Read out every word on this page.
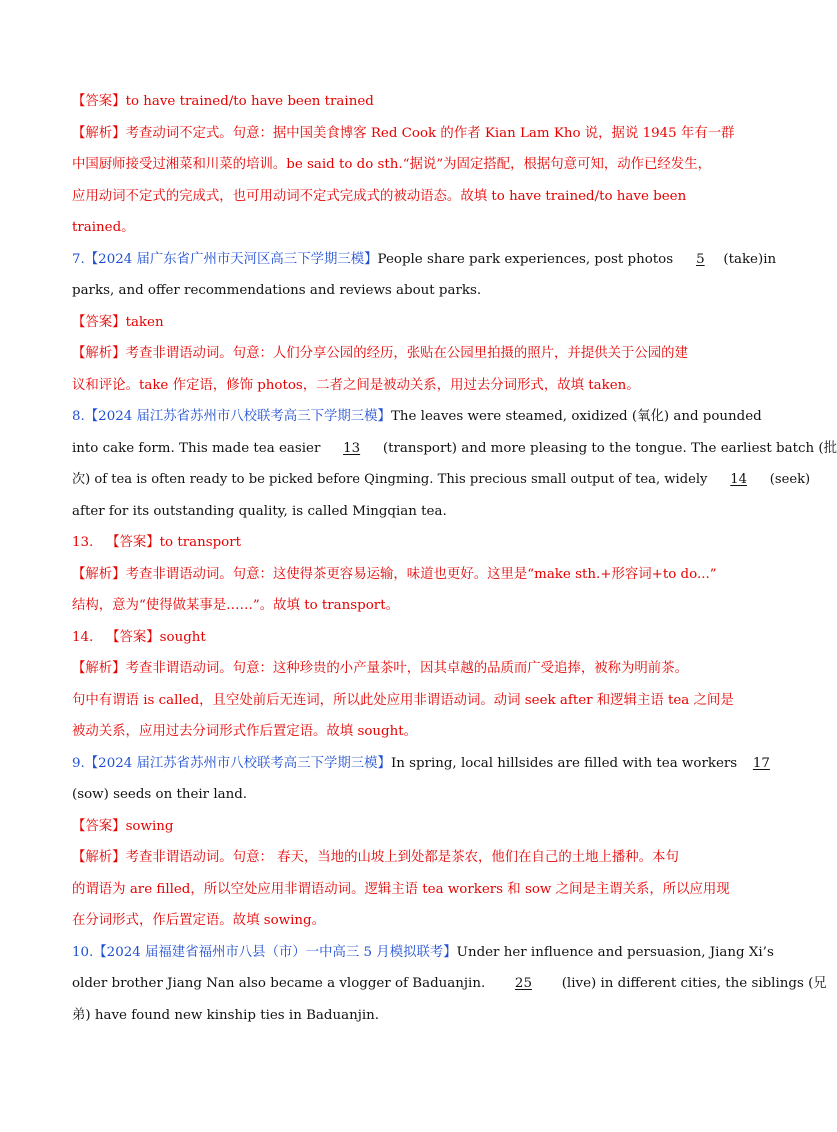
【答案】to have trained/to have been trained
【解析】考查动词不定式。句意：据中国美食博客 Red Cook 的作者 Kian Lam Kho 说，据说 1945 年有一群
中国厨师接受过湘菜和川菜的培训。be said to do sth.“据说”为固定搭配，根据句意可知，动作已经发生，
应用动词不定式的完成式，也可用动词不定式完成式的被动语态。故填 to have trained/to have been
trained。
7.【2024 届广东省广州市天河区高三下学期三模】People share park experiences, post photos 5 (take)in
parks, and offer recommendations and reviews about parks.
【答案】taken
【解析】考查非谓语动词。句意：人们分享公园的经历，张贴在公园里拍摄的照片，并提供关于公园的建
议和评论。take 作定语，修饰 photos，二者之间是被动关系，用过去分词形式，故填 taken。
8.【2024 届江苏省苏州市八校联考高三下学期三模】The leaves were steamed, oxidized (氧化) and pounded
into cake form. This made tea easier 13 (transport) and more pleasing to the tongue. The earliest batch (批
次) of tea is often ready to be picked before Qingming. This precious small output of tea, widely 14 (seek)
after for its outstanding quality, is called Mingqian tea.
13. 【答案】to transport
【解析】考查非谓语动词。句意：这使得茶更容易运输，味道也更好。这里是“make sth.+形容词+to do...”
结构，意为“使得做某事是……”。故填 to transport。
14. 【答案】sought
【解析】考查非谓语动词。句意：这种珍贵的小产量茶叶，因其卓越的品质而广受追捧，被称为明前茶。
句中有谓语 is called，且空处前后无连词，所以此处应用非谓语动词。动词 seek after 和逻辑主语 tea 之间是
被动关系，应用过去分词形式作后置定语。故填 sought。
9.【2024 届江苏省苏州市八校联考高三下学期三模】In spring, local hillsides are filled with tea workers 17
(sow) seeds on their land.
【答案】sowing
【解析】考查非谓语动词。句意： 春天，当地的山坡上到处都是茶农，他们在自己的土地上播种。本句
的谓语为 are filled，所以空处应用非谓语动词。逻辑主语 tea workers 和 sow 之间是主谓关系，所以应用现
在分词形式，作后置定语。故填 sowing。
10.【2024 届福建省福州市八县（市）一中高三 5 月模拟联考】Under her influence and persuasion, Jiang Xi’s
older brother Jiang Nan also became a vlogger of Baduanjin. 25 (live) in different cities, the siblings (兄
弟) have found new kinship ties in Baduanjin.
